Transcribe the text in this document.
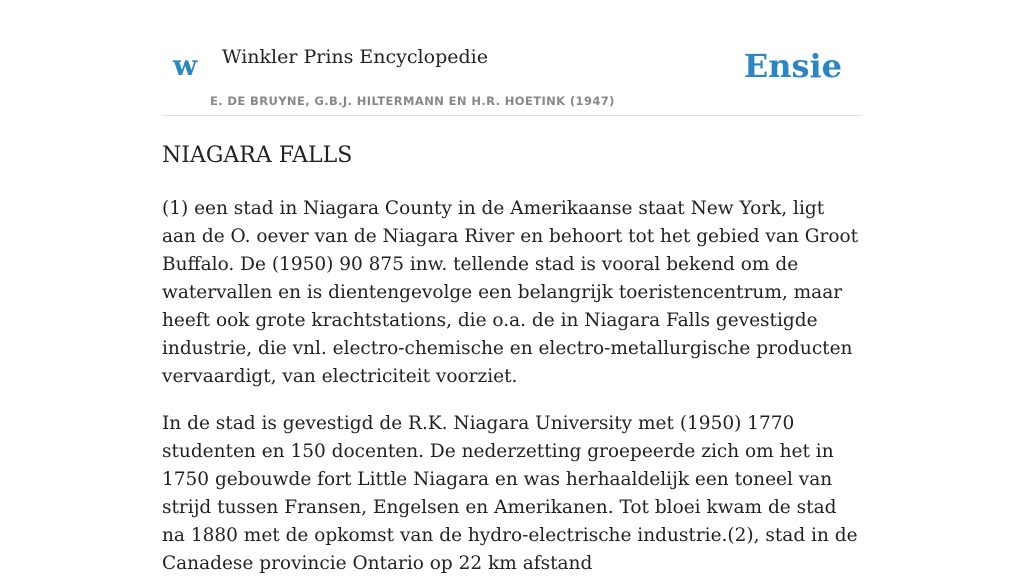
w Winkler Prins Encyclopedie
E. DE BRUYNE, G.B.J. HILTERMANN EN H.R. HOETINK (1947)
Ensie
NIAGARA FALLS

(1) een stad in Niagara County in de Amerikaanse staat New York, ligt aan de O. oever van de Niagara River en behoort tot het gebied van Groot Buffalo. De (1950) 90 875 inw. tellende stad is vooral bekend om de watervallen en is dientengevolge een belangrijk toeristencentrum, maar heeft ook grote krachtstations, die o.a. de in Niagara Falls gevestigde industrie, die vnl. electro-chemische en electro-metallurgische producten vervaardigt, van electriciteit voorziet.

In de stad is gevestigd de R.K. Niagara University met (1950) 1770 studenten en 150 docenten. De nederzetting groepeerde zich om het in 1750 gebouwde fort Little Niagara en was herhaaldelijk een toneel van strijd tussen Fransen, Engelsen en Amerikanen. Tot bloei kwam de stad na 1880 met de opkomst van de hydro-electrische industrie.(2), stad in de Canadese provincie Ontario op 22 km afstand
